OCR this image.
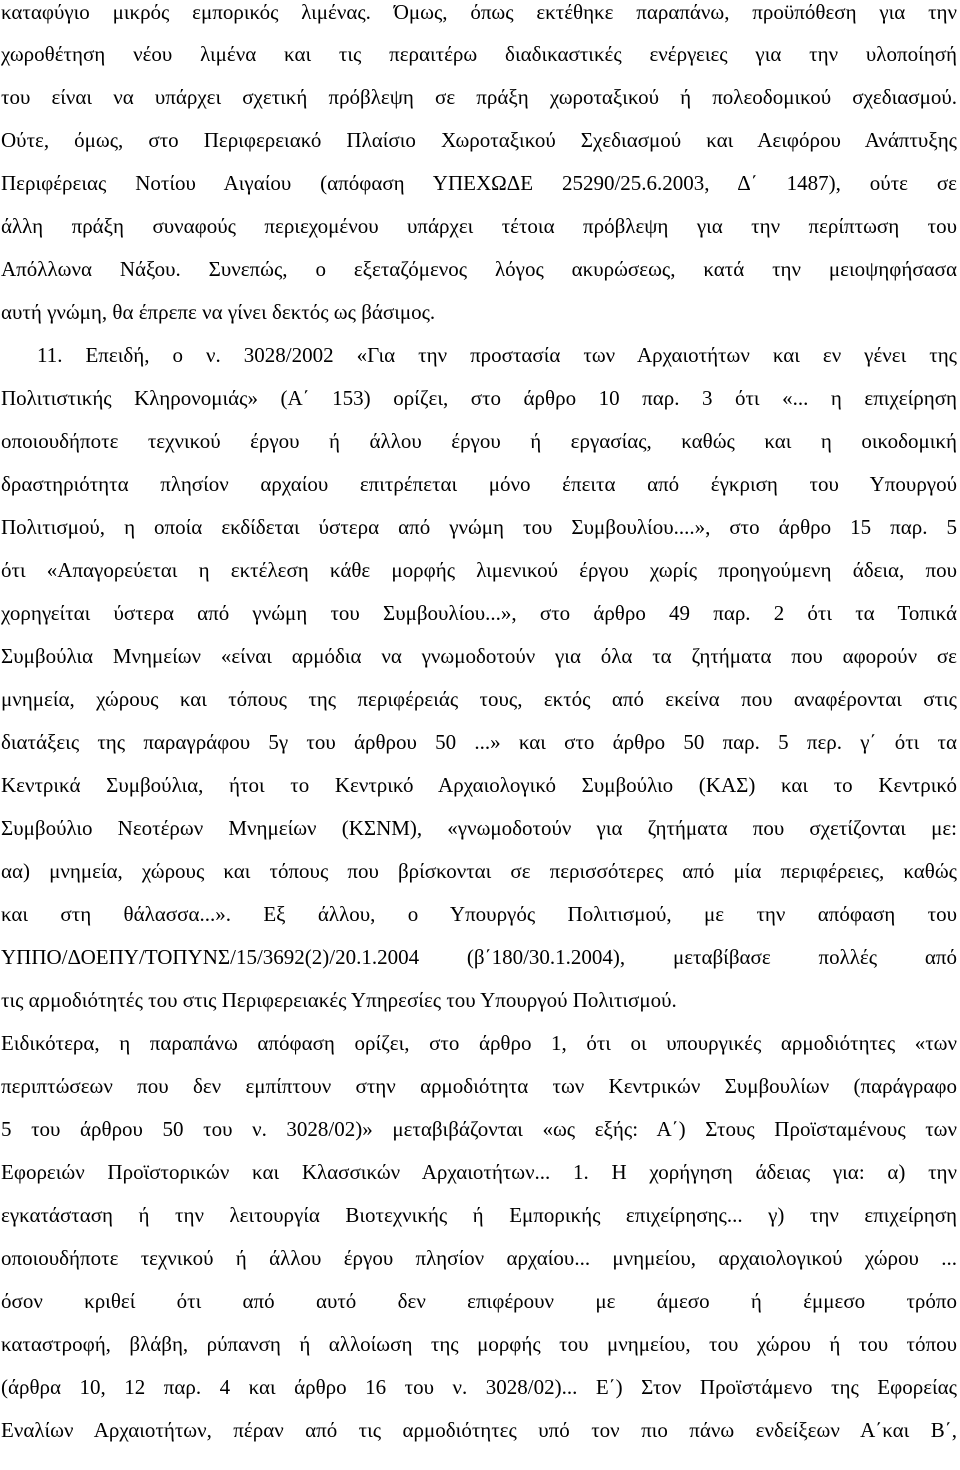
καταφύγιο μικρός εμπορικός λιμένας. Όμως, όπως εκτέθηκε παραπάνω, προϋπόθεση για την
χωροθέτηση νέου λιμένα και τις περαιτέρω διαδικαστικές ενέργειες για την υλοποίησή
του είναι να υπάρχει σχετική πρόβλεψη σε πράξη χωροταξικού ή πολεοδομικού σχεδιασμού.
Ούτε, όμως, στο Περιφερειακό Πλαίσιο Χωροταξικού Σχεδιασμού και Αειφόρου Ανάπτυξης
Περιφέρειας Νοτίου Αιγαίου (απόφαση ΥΠΕΧΩΔΕ 25290/25.6.2003, Δ΄ 1487), ούτε σε
άλλη πράξη συναφούς περιεχομένου υπάρχει τέτοια πρόβλεψη για την περίπτωση του
Απόλλωνα Νάξου. Συνεπώς, ο εξεταζόμενος λόγος ακυρώσεως, κατά την μειοψηφήσασα
αυτή γνώμη, θα έπρεπε να γίνει δεκτός ως βάσιμος.
11. Επειδή, ο ν. 3028/2002 «Για την προστασία των Αρχαιοτήτων και εν γένει της
Πολιτιστικής Κληρονομιάς» (Α΄ 153) ορίζει, στο άρθρο 10 παρ. 3 ότι «... η επιχείρηση
οποιουδήποτε τεχνικού έργου ή άλλου έργου ή εργασίας, καθώς και η οικοδομική
δραστηριότητα πλησίον αρχαίου επιτρέπεται μόνο έπειτα από έγκριση του Υπουργού
Πολιτισμού, η οποία εκδίδεται ύστερα από γνώμη του Συμβουλίου....», στο άρθρο 15 παρ. 5
ότι «Απαγορεύεται η εκτέλεση κάθε μορφής λιμενικού έργου χωρίς προηγούμενη άδεια, που
χορηγείται ύστερα από γνώμη του Συμβουλίου...», στο άρθρο 49 παρ. 2 ότι τα Τοπικά
Συμβούλια Μνημείων «είναι αρμόδια να γνωμοδοτούν για όλα τα ζητήματα που αφορούν σε
μνημεία, χώρους και τόπους της περιφέρειάς τους, εκτός από εκείνα που αναφέρονται στις
διατάξεις της παραγράφου 5γ του άρθρου 50 ...» και στο άρθρο 50 παρ. 5 περ. γ΄ ότι τα
Κεντρικά Συμβούλια, ήτοι το Κεντρικό Αρχαιολογικό Συμβούλιο (ΚΑΣ) και το Κεντρικό
Συμβούλιο Νεοτέρων Μνημείων (ΚΣΝΜ), «γνωμοδοτούν για ζητήματα που σχετίζονται με:
αα) μνημεία, χώρους και τόπους που βρίσκονται σε περισσότερες από μία περιφέρειες, καθώς
και στη θάλασσα...». Εξ άλλου, ο Υπουργός Πολιτισμού, με την απόφαση του
ΥΠΠΟ/ΔΟΕΠΥ/ΤΟΠΥΝΣ/15/3692(2)/20.1.2004 (β΄180/30.1.2004), μεταβίβασε πολλές από
τις αρμοδιότητές του στις Περιφερειακές Υπηρεσίες του Υπουργού Πολιτισμού.
Ειδικότερα, η παραπάνω απόφαση ορίζει, στο άρθρο 1, ότι οι υπουργικές αρμοδιότητες «των
περιπτώσεων που δεν εμπίπτουν στην αρμοδιότητα των Κεντρικών Συμβουλίων (παράγραφο
5 του άρθρου 50 του ν. 3028/02)» μεταβιβάζονται «ως εξής: Α΄) Στους Προϊσταμένους των
Εφορειών Προϊστορικών και Κλασσικών Αρχαιοτήτων... 1. Η χορήγηση άδειας για: α) την
εγκατάσταση ή την λειτουργία Βιοτεχνικής ή Εμπορικής επιχείρησης... γ) την επιχείρηση
οποιουδήποτε τεχνικού ή άλλου έργου πλησίον αρχαίου... μνημείου, αρχαιολογικού χώρου ...
όσον κριθεί ότι από αυτό δεν επιφέρουν με άμεσο ή έμμεσο τρόπο
καταστροφή, βλάβη, ρύπανση ή αλλοίωση της μορφής του μνημείου, του χώρου ή του τόπου
(άρθρα 10, 12 παρ. 4 και άρθρο 16 του ν. 3028/02)... Ε΄) Στον Προϊστάμενο της Εφορείας
Εναλίων Αρχαιοτήτων, πέραν από τις αρμοδιότητες υπό τον πιο πάνω ενδείξεων Α΄και Β΄,
